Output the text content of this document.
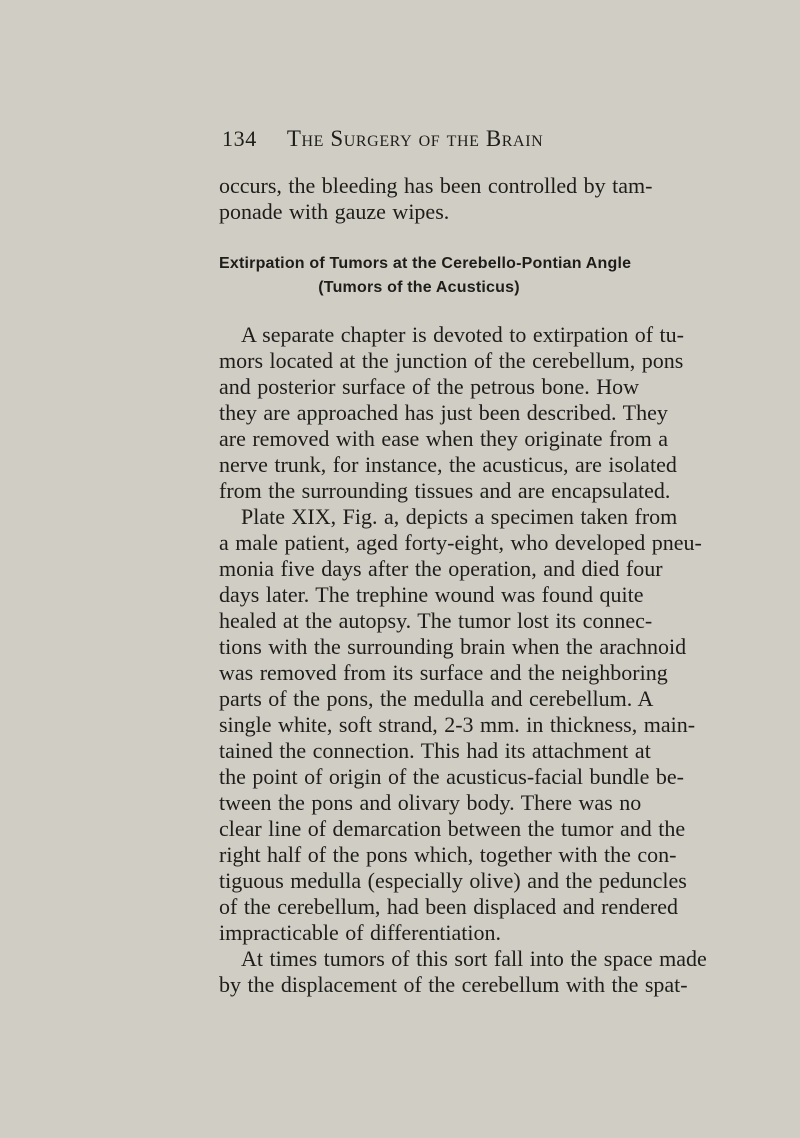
134 The Surgery of the Brain

occurs, the bleeding has been controlled by tam-

ponade with gauze wipes.

Extirpation of Tumors at the Cerebello-Pontian Angle

(Tumors of the Acusticus)

A separate chapter is devoted to extirpation of tu-

mors located at the junction of the cerebellum, pons

and posterior surface of the petrous bone. How

they are approached has just been described. They

are removed with ease when they originate from a

nerve trunk, for instance, the acusticus, are isolated

from the surrounding tissues and are encapsulated.

Plate XIX, Fig. a, depicts a specimen taken from

a male patient, aged forty-eight, who developed pneu-

monia five days after the operation, and died four

days later. The trephine wound was found quite

healed at the autopsy. The tumor lost its connec-

tions with the surrounding brain when the arachnoid

was removed from its surface and the neighboring

parts of the pons, the medulla and cerebellum. A

single white, soft strand, 2-3 mm. in thickness, main-

tained the connection. This had its attachment at

the point of origin of the acusticus-facial bundle be-

tween the pons and olivary body. There was no

clear line of demarcation between the tumor and the

right half of the pons which, together with the con-

tiguous medulla (especially olive) and the peduncles

of the cerebellum, had been displaced and rendered

impracticable of differentiation.

At times tumors of this sort fall into the space made

by the displacement of the cerebellum with the spat-
